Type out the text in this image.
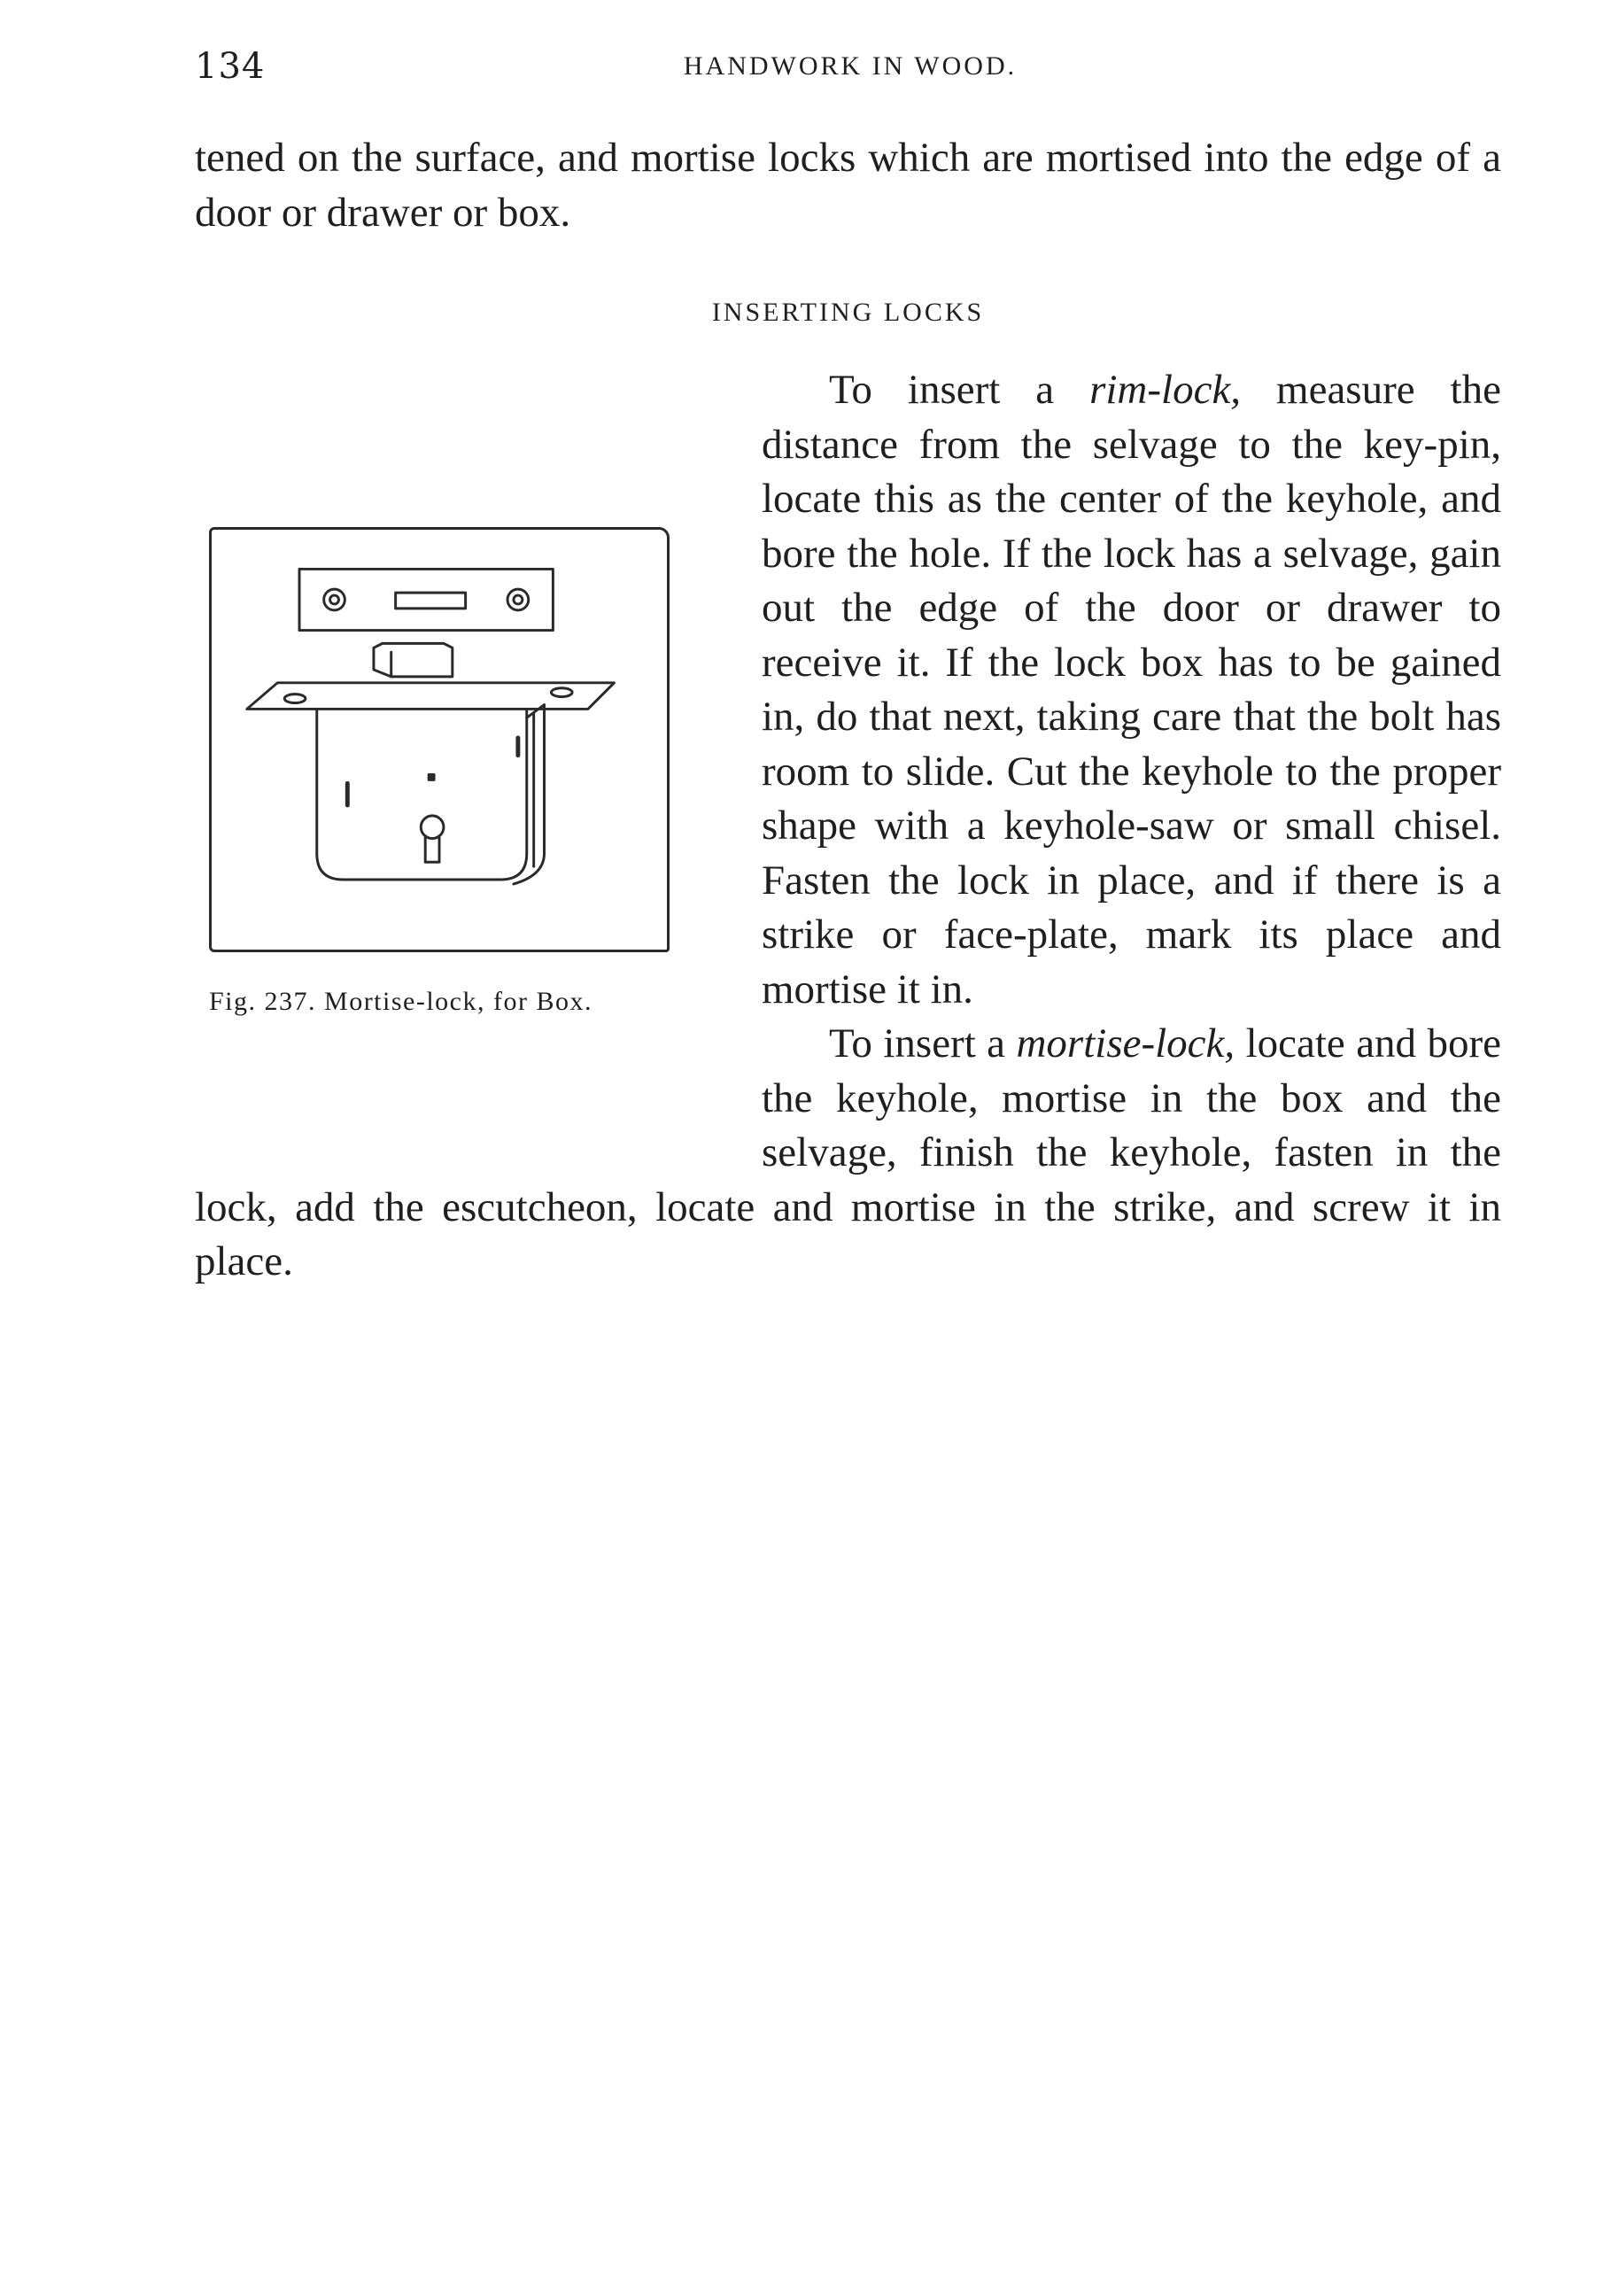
134	HANDWORK IN WOOD.
tened on the surface, and mortise locks which are mortised into the edge of a door or drawer or box.
INSERTING LOCKS
Fig. 237. Mortise-lock, for Box.

To insert a rim-lock, measure the distance from the selvage to the key-pin, locate this as the center of the keyhole, and bore the hole. If the lock has a selvage, gain out the edge of the door or drawer to receive it. If the lock box has to be gained in, do that next, taking care that the bolt has room to slide. Cut the keyhole to the proper shape with a keyhole-saw or small chisel. Fasten the lock in place, and if there is a strike or face-plate, mark its place and mortise it in.

To insert a mortise-lock, locate and bore the keyhole, mortise in the box and the selvage, finish the keyhole, fasten in the lock, add the escutcheon, locate and mortise in the strike, and screw it in place.
